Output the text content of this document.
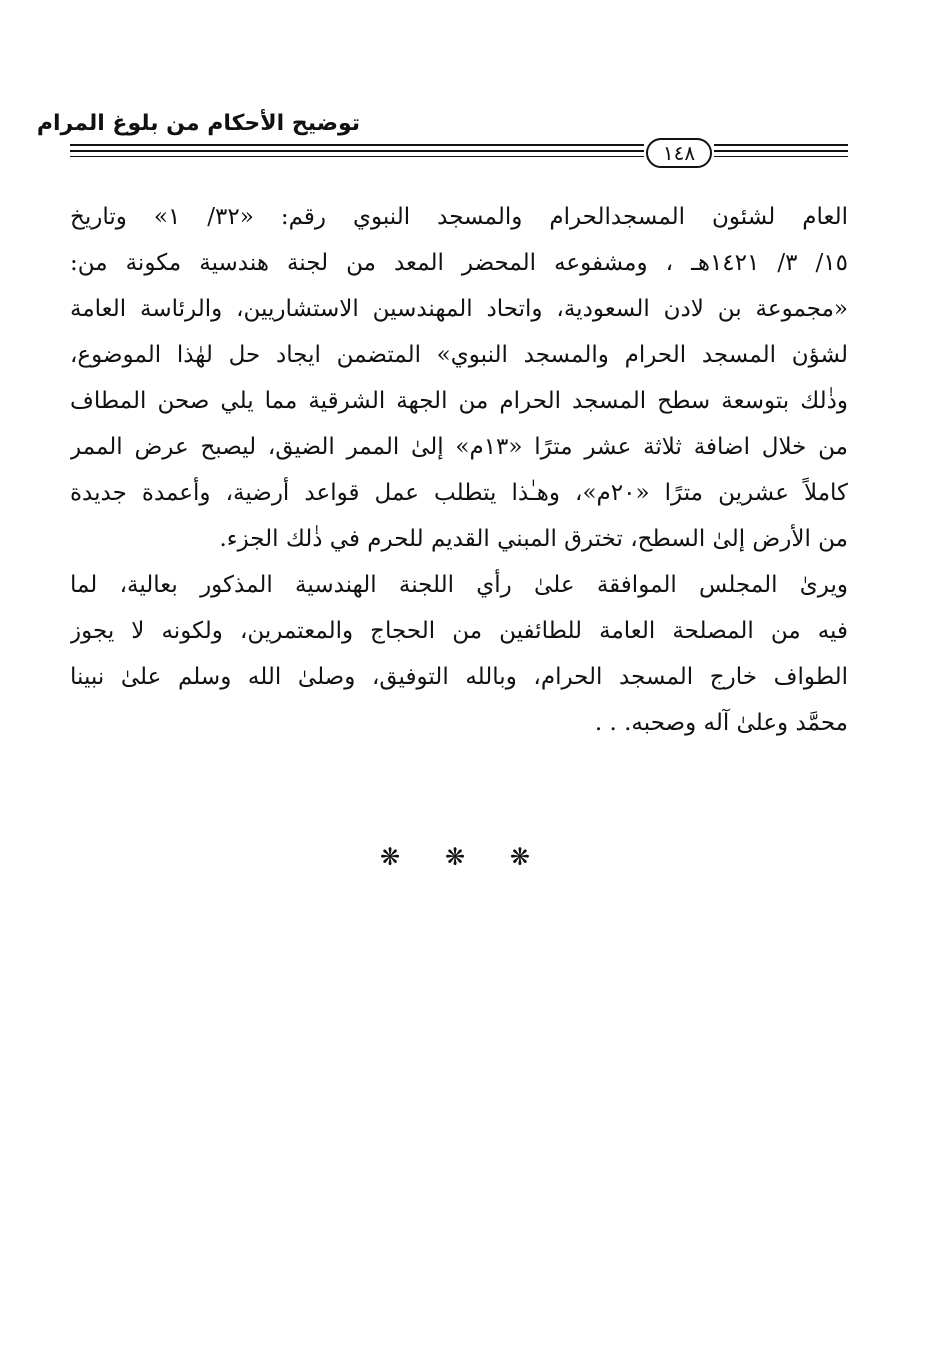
توضيح الأحكام من بلوغ المرام
١٤٨
العام لشئون المسجدالحرام والمسجد النبوي رقم: «٣٢/ ١» وتاريخ
١٥/ ٣/ ١٤٢١هـ ، ومشفوعه المحضر المعد من لجنة هندسية مكونة من:
«مجموعة بن لادن السعودية، واتحاد المهندسين الاستشاريين، والرئاسة العامة
لشؤن المسجد الحرام والمسجد النبوي» المتضمن ايجاد حل لهٰذا الموضوع،
وذٰلك بتوسعة سطح المسجد الحرام من الجهة الشرقية مما يلي صحن المطاف
من خلال اضافة ثلاثة عشر مترًا «١٣م» إلىٰ الممر الضيق، ليصبح عرض الممر
كاملاً عشرين مترًا «٢٠م»، وهـٰذا يتطلب عمل قواعد أرضية، وأعمدة جديدة
من الأرض إلىٰ السطح، تخترق المبني القديم للحرم في ذٰلك الجزء.
ويرىٰ المجلس الموافقة علىٰ رأي اللجنة الهندسية المذكور بعالية، لما
فيه من المصلحة العامة للطائفين من الحجاج والمعتمرين، ولكونه لا يجوز
الطواف خارج المسجد الحرام، وبالله التوفيق، وصلىٰ الله وسلم علىٰ نبينا
محمَّد وعلىٰ آله وصحبه. . .
❋ ❋ ❋
